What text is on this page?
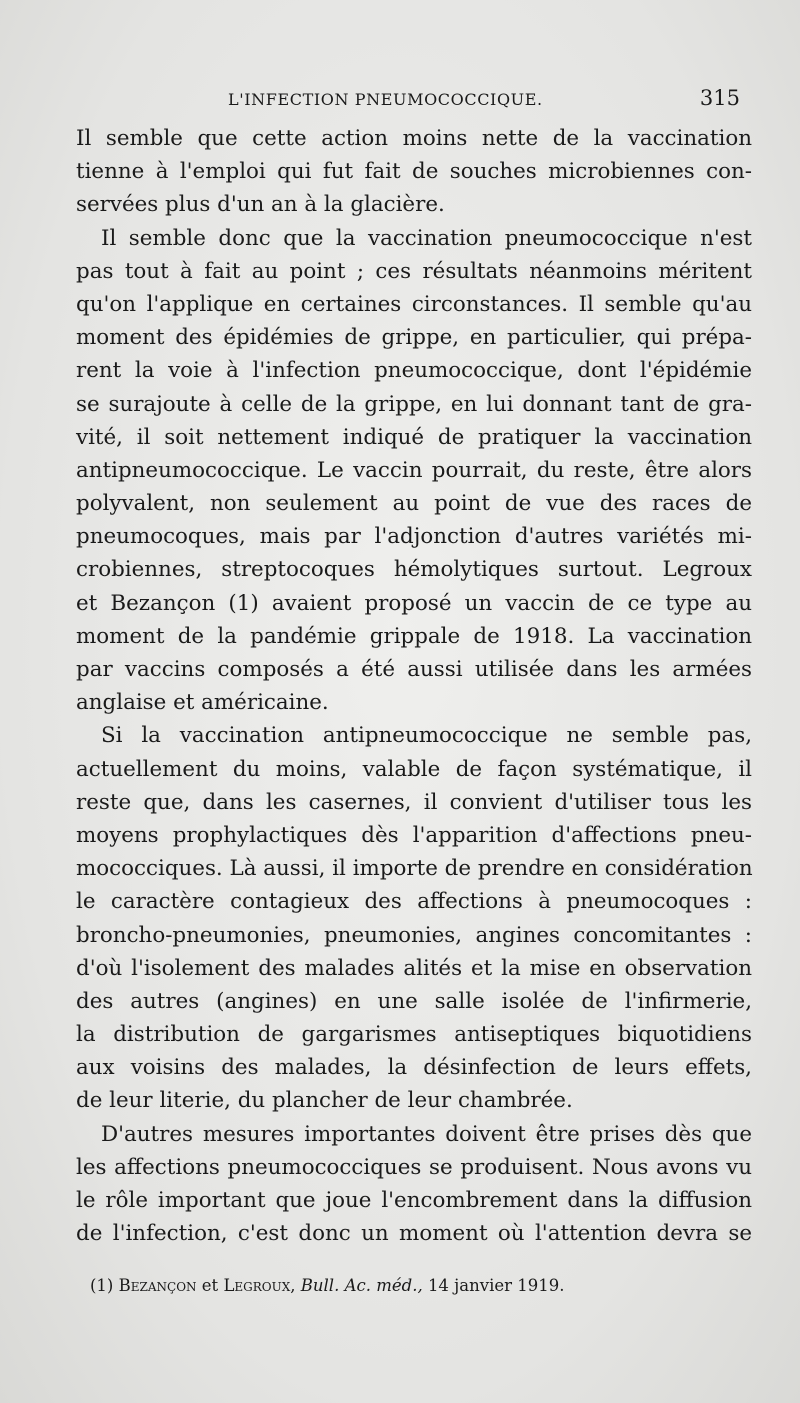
L'INFECTION PNEUMOCOCCIQUE.	315
Il semble que cette action moins nette de la vaccination
tienne à l'emploi qui fut fait de souches microbiennes con-
servées plus d'un an à la glacière.
Il semble donc que la vaccination pneumococcique n'est
pas tout à fait au point ; ces résultats néanmoins méritent
qu'on l'applique en certaines circonstances. Il semble qu'au
moment des épidémies de grippe, en particulier, qui prépa-
rent la voie à l'infection pneumococcique, dont l'épidémie
se surajoute à celle de la grippe, en lui donnant tant de gra-
vité, il soit nettement indiqué de pratiquer la vaccination
antipneumococcique. Le vaccin pourrait, du reste, être alors
polyvalent, non seulement au point de vue des races de
pneumocoques, mais par l'adjonction d'autres variétés mi-
crobiennes, streptocoques hémolytiques surtout. Legroux
et Bezançon (1) avaient proposé un vaccin de ce type au
moment de la pandémie grippale de 1918. La vaccination
par vaccins composés a été aussi utilisée dans les armées
anglaise et américaine.
Si la vaccination antipneumococcique ne semble pas,
actuellement du moins, valable de façon systématique, il
reste que, dans les casernes, il convient d'utiliser tous les
moyens prophylactiques dès l'apparition d'affections pneu-
mococciques. Là aussi, il importe de prendre en considération
le caractère contagieux des affections à pneumocoques :
broncho-pneumonies, pneumonies, angines concomitantes :
d'où l'isolement des malades alités et la mise en observation
des autres (angines) en une salle isolée de l'infirmerie,
la distribution de gargarismes antiseptiques biquotidiens
aux voisins des malades, la désinfection de leurs effets,
de leur literie, du plancher de leur chambrée.
D'autres mesures importantes doivent être prises dès que
les affections pneumococciques se produisent. Nous avons vu
le rôle important que joue l'encombrement dans la diffusion
de l'infection, c'est donc un moment où l'attention devra se
(1) Bezançon et Legroux, Bull. Ac. méd., 14 janvier 1919.
